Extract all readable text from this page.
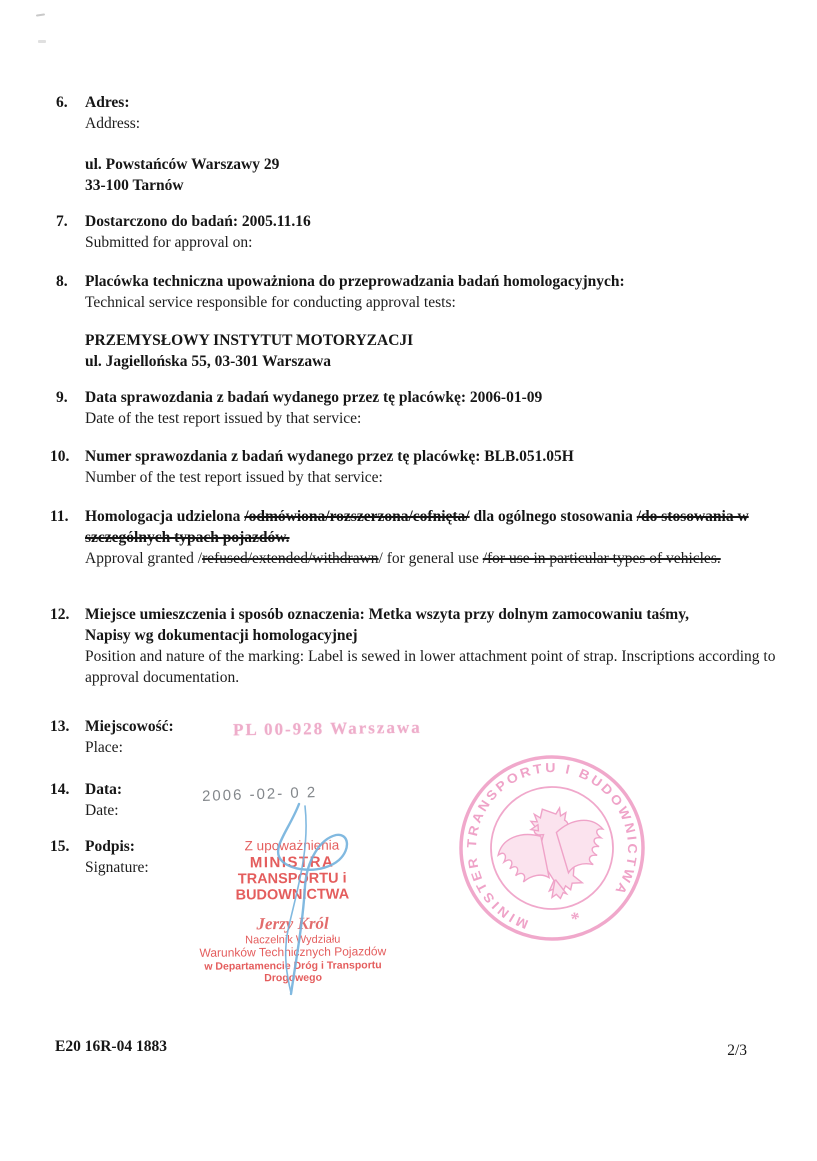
6.	Adres:
Address:
ul. Powstańców Warszawy 29
33-100 Tarnów
7.	Dostarczono do badań: 2005.11.16
Submitted for approval on:
8.	Placówka techniczna upoważniona do przeprowadzania badań homologacyjnych:
Technical service responsible for conducting approval tests:
PRZEMYSŁOWY INSTYTUT MOTORYZACJI
ul. Jagiellońska 55, 03-301 Warszawa
9.	Data sprawozdania z badań wydanego przez tę placówkę: 2006-01-09
Date of the test report issued by that service:
10.	Numer sprawozdania z badań wydanego przez tę placówkę: BLB.051.05H
Number of the test report issued by that service:
11.	Homologacja udzielona /odmówiona/rozszerzona/cofnięta/ dla ogólnego stosowania /do stosowania w szczególnych typach pojazdów.
Approval granted /refused/extended/withdrawn/ for general use /for use in particular types of vehicles.
12.	Miejsce umieszczenia i sposób oznaczenia: Metka wszyta przy dolnym zamocowaniu taśmy,
Napisy wg dokumentacji homologacyjnej
Position and nature of the marking: Label is sewed in lower attachment point of strap. Inscriptions according to approval documentation.
13.	Miejscowość:
Place:
14.	Data:
Date:
15.	Podpis:
Signature:
PL 00-928 Warszawa
2006 -02- 0 2
Z upoważnienia
MINISTRA
TRANSPORTU i BUDOWNICTWA
Jerzy Król
Naczelnik Wydziału
Warunków Technicznych Pojazdów
w Departamencie Dróg i Transportu Drogowego
MINISTER TRANSPORTU I BUDOWNICTWA
*
E20 16R-04 1883	2/3
